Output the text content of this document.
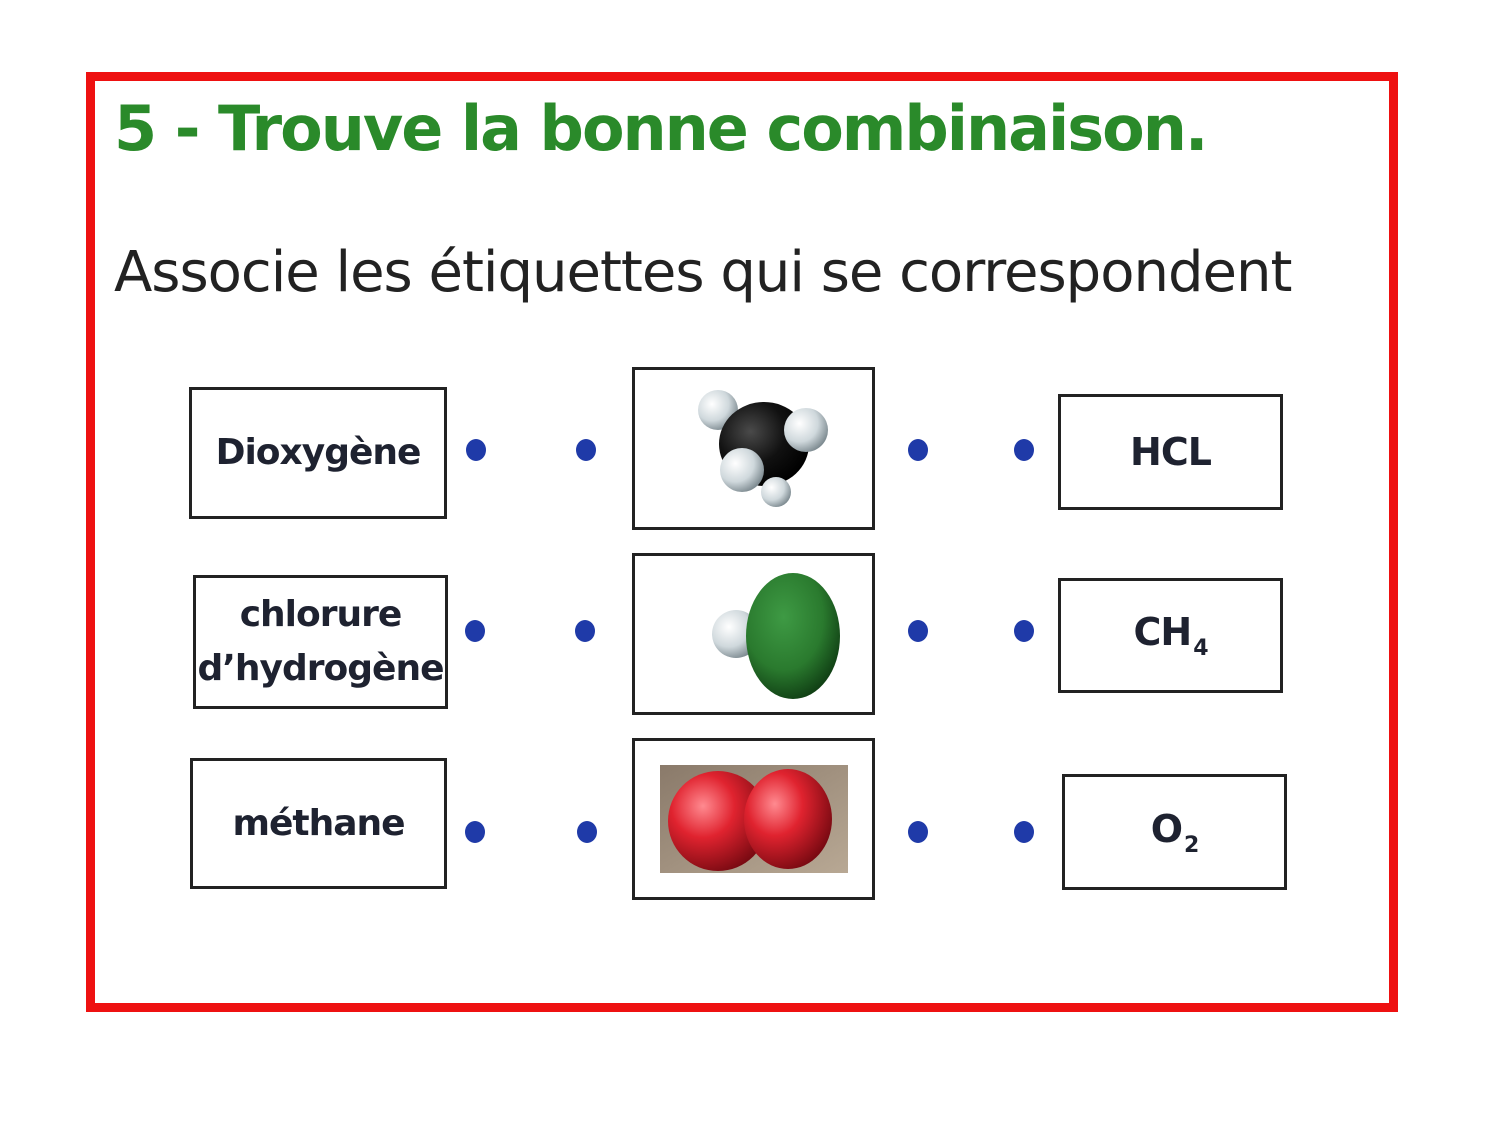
5 - Trouve la bonne combinaison.
Associe les étiquettes qui se correspondent
Dioxygène
chlorure
d’hydrogène
méthane
HCL
$CH_4$
$O_2$
